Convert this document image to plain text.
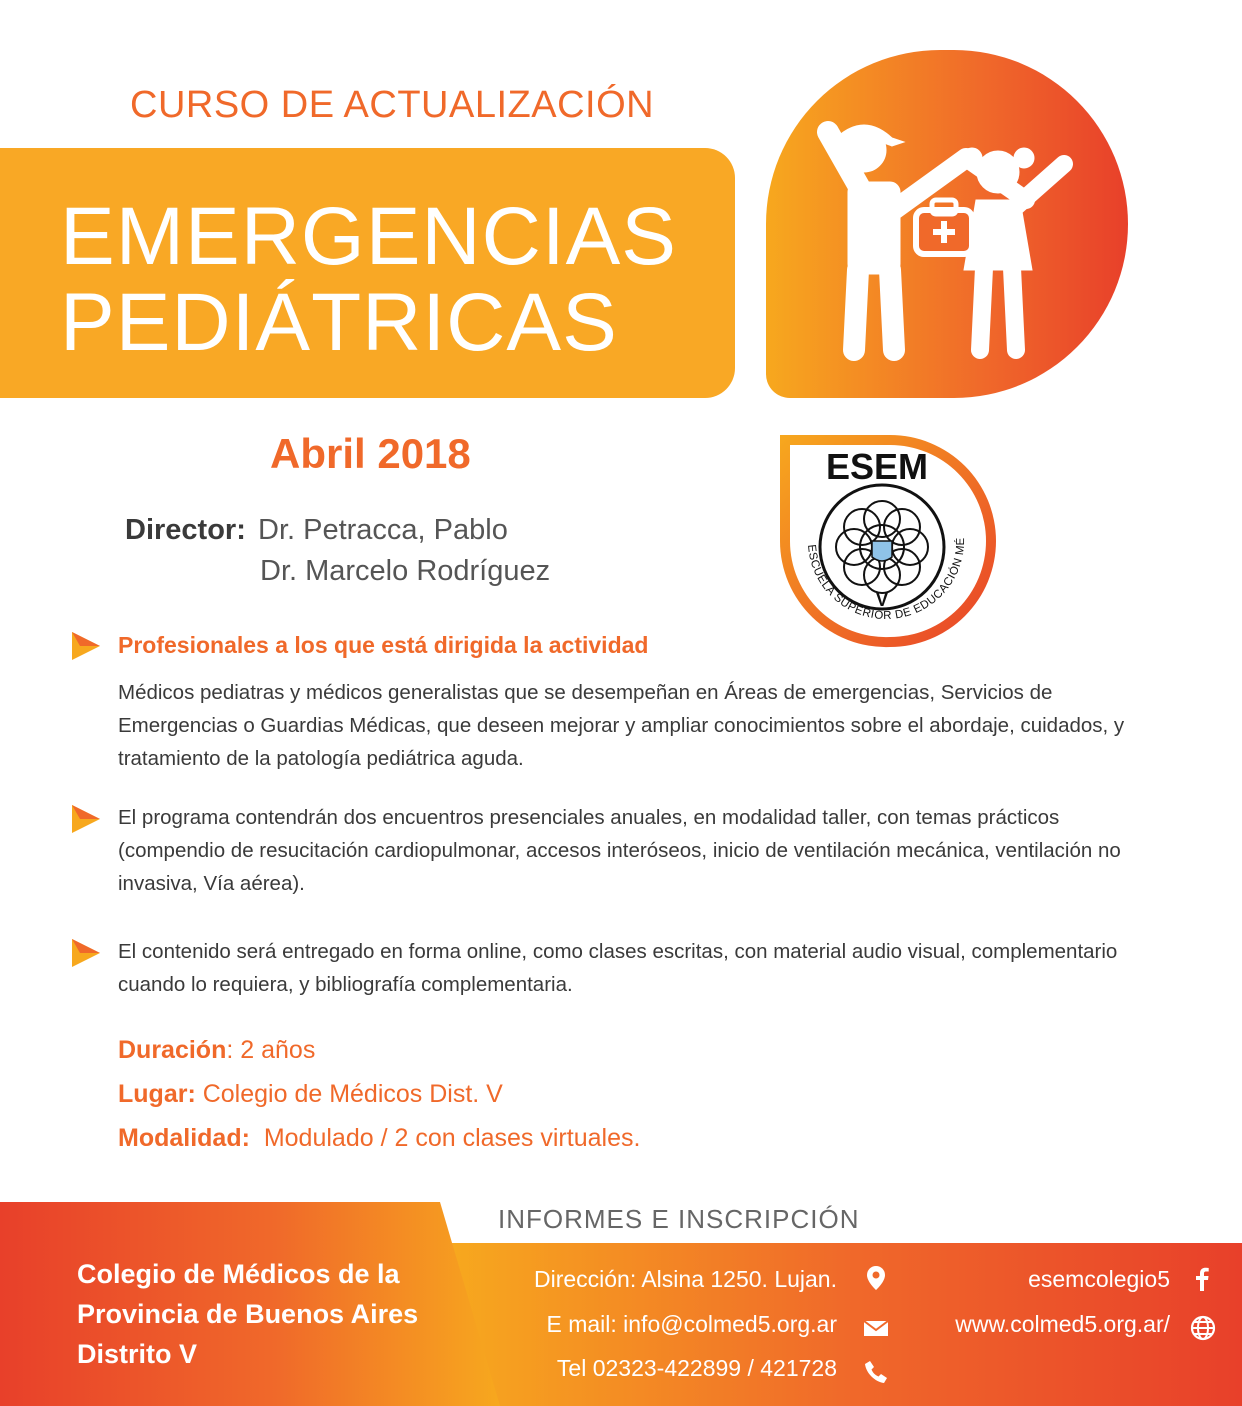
CURSO DE ACTUALIZACIÓN
EMERGENCIAS
PEDIÁTRICAS
Abril 2018
Director: Dr. Petracca, Pablo
Dr. Marcelo Rodríguez
ESEM
V
ESCUELA SUPERIOR DE EDUCACIÓN MÉ
Profesionales a los que está dirigida la actividad
Médicos pediatras y médicos generalistas que se desempeñan en Áreas de emergencias, Servicios de Emergencias o Guardias Médicas, que deseen mejorar y ampliar conocimientos sobre el abordaje, cuidados, y tratamiento de la patología pediátrica aguda.
El programa contendrán dos encuentros presenciales anuales, en modalidad taller, con temas prácticos (compendio de resucitación cardiopulmonar, accesos interóseos, inicio de ventilación mecánica, ventilación no invasiva, Vía aérea).
El contenido será entregado en forma online, como clases escritas, con material audio visual, complementario cuando lo requiera, y bibliografía complementaria.
Duración: 2 años
Lugar: Colegio de Médicos Dist. V
Modalidad:  Modulado / 2 con clases virtuales.
Colegio de Médicos de la
Provincia de Buenos Aires
Distrito V
INFORMES E INSCRIPCIÓN
Dirección: Alsina 1250. Lujan.
E mail: info@colmed5.org.ar
Tel 02323-422899 / 421728
esemcolegio5
www.colmed5.org.ar/
